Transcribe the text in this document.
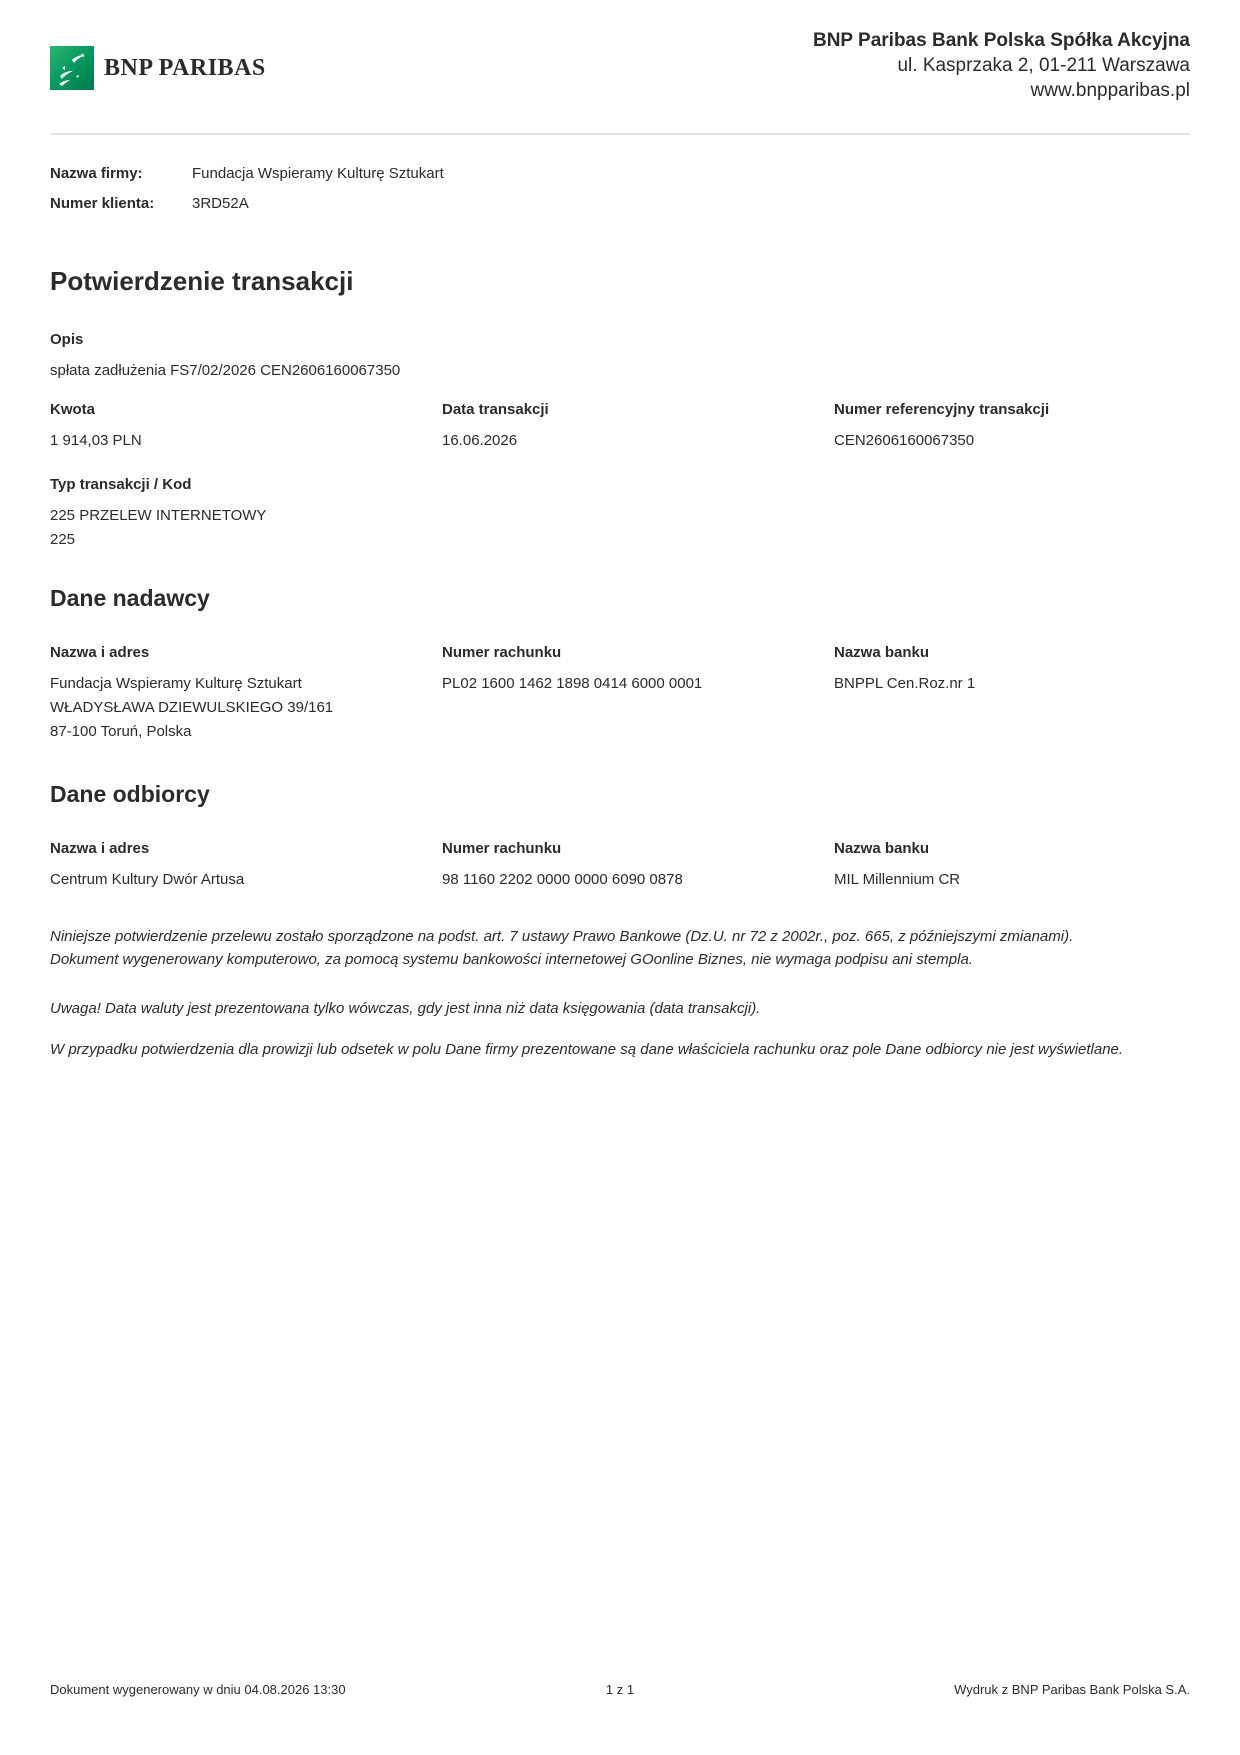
BNP PARIBAS
BNP Paribas Bank Polska Spółka Akcyjna
ul. Kasprzaka 2, 01-211 Warszawa
www.bnpparibas.pl
Nazwa firmy:	Fundacja Wspieramy Kulturę Sztukart
Numer klienta:	3RD52A
Potwierdzenie transakcji
Opis
spłata zadłużenia FS7/02/2026 CEN2606160067350
Kwota
1 914,03 PLN
Data transakcji
16.06.2026
Numer referencyjny transakcji
CEN2606160067350
Typ transakcji / Kod
225 PRZELEW INTERNETOWY
225
Dane nadawcy
Nazwa i adres
Fundacja Wspieramy Kulturę Sztukart
WŁADYSŁAWA DZIEWULSKIEGO 39/161
87-100 Toruń, Polska
Numer rachunku
PL02 1600 1462 1898 0414 6000 0001
Nazwa banku
BNPPL Cen.Roz.nr 1
Dane odbiorcy
Nazwa i adres
Centrum Kultury Dwór Artusa
Numer rachunku
98 1160 2202 0000 0000 6090 0878
Nazwa banku
MIL Millennium CR

Niniejsze potwierdzenie przelewu zostało sporządzone na podst. art. 7 ustawy Prawo Bankowe (Dz.U. nr 72 z 2002r., poz. 665, z późniejszymi zmianami).
Dokument wygenerowany komputerowo, za pomocą systemu bankowości internetowej GOonline Biznes, nie wymaga podpisu ani stempla.

Uwaga! Data waluty jest prezentowana tylko wówczas, gdy jest inna niż data księgowania (data transakcji).

W przypadku potwierdzenia dla prowizji lub odsetek w polu Dane firmy prezentowane są dane właściciela rachunku oraz pole Dane odbiorcy nie jest wyświetlane.

Dokument wygenerowany w dniu 04.08.2026 13:30	1 z 1	Wydruk z BNP Paribas Bank Polska S.A.
